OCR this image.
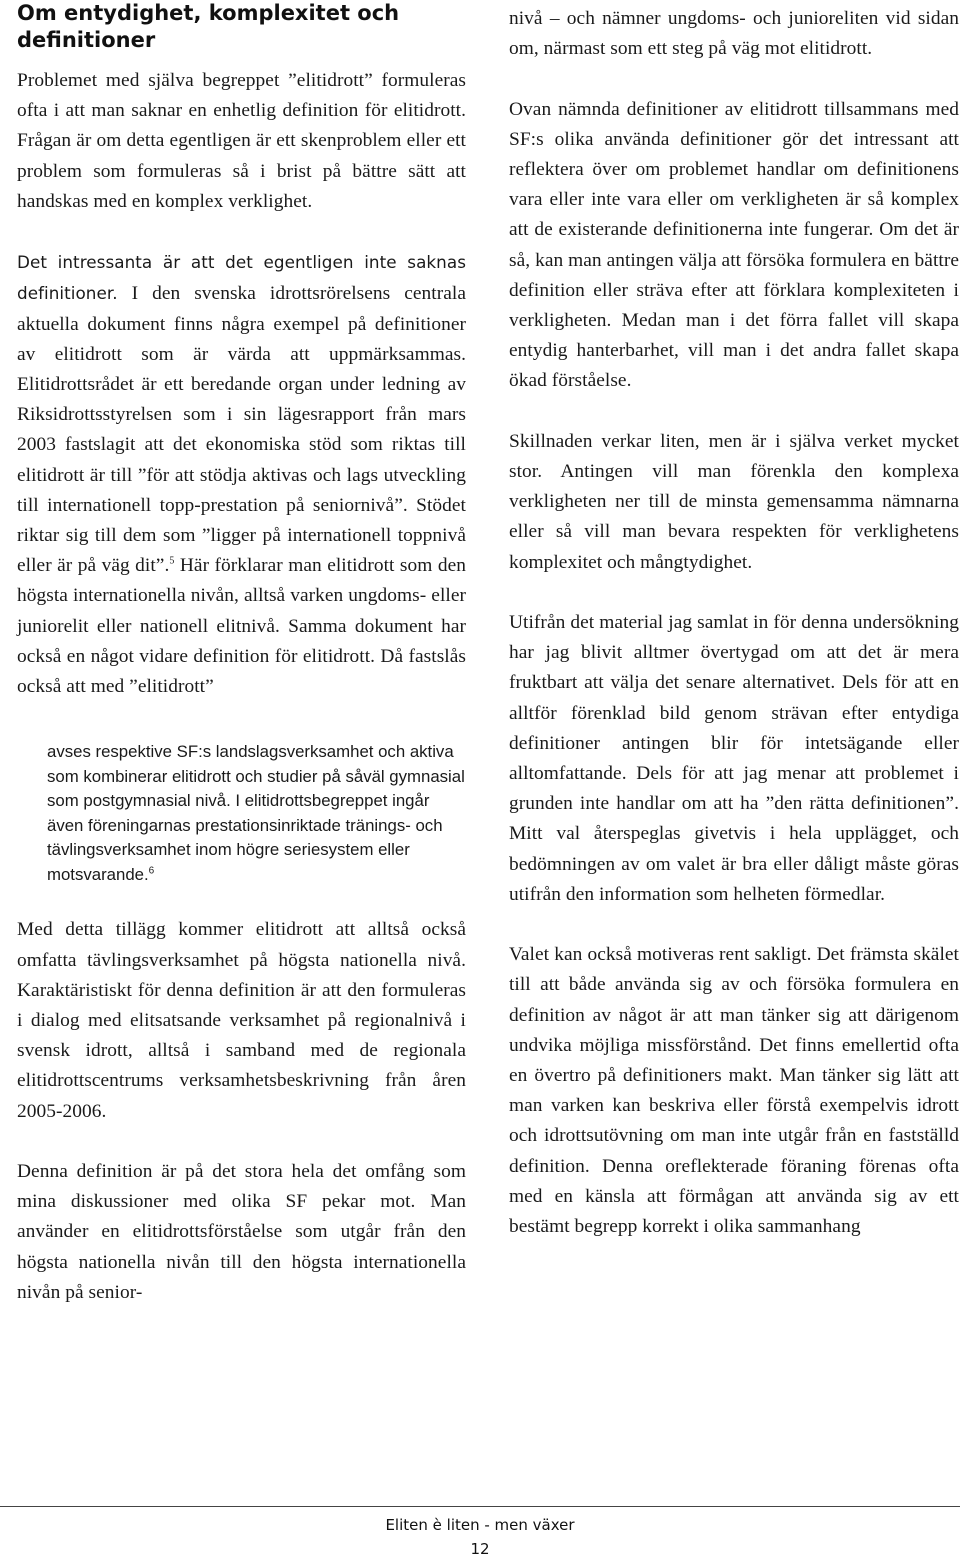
Om entydighet, komplexitet och definitioner

Problemet med själva begreppet ”elitidrott” formuleras ofta i att man saknar en enhetlig definition för elitidrott. Frågan är om detta egentligen är ett skenproblem eller ett problem som formuleras så i brist på bättre sätt att handskas med en komplex verklighet.

Det intressanta är att det egentligen inte saknas definitioner. I den svenska idrottsrörelsens centrala aktuella dokument finns några exempel på definitioner av elitidrott som är värda att uppmärksammas. Elitidrottsrådet är ett beredande organ under ledning av Riksidrottsstyrelsen som i sin lägesrapport från mars 2003 fastslagit att det ekonomiska stöd som riktas till elitidrott är till ”för att stödja aktivas och lags utveckling till internationell topp-prestation på seniornivå”. Stödet riktar sig till dem som ”ligger på internationell toppnivå eller är på väg dit”.$^5$ Här förklarar man elitidrott som den högsta internationella nivån, alltså varken ungdoms- eller juniorelit eller nationell elitnivå. Samma dokument har också en något vidare definition för elitidrott. Då fastslås också att med ”elitidrott”

avses respektive SF:s landslagsverksamhet och aktiva som kombinerar elitidrott och studier på såväl gymnasial som postgymnasial nivå. I elitidrottsbegreppet ingår även föreningarnas prestationsinriktade tränings- och tävlingsverksamhet inom högre seriesystem eller motsvarande.$^6$

Med detta tillägg kommer elitidrott att alltså också omfatta tävlingsverksamhet på högsta nationella nivå. Karaktäristiskt för denna definition är att den formuleras i dialog med elitsatsande verksamhet på regionalnivå i svensk idrott, alltså i samband med de regionala elitidrottscentrums verksamhetsbeskrivning från åren 2005-2006.

Denna definition är på det stora hela det omfång som mina diskussioner med olika SF pekar mot. Man använder en elitidrottsförståelse som utgår från den högsta nationella nivån till den högsta internationella nivån på senior-

nivå – och nämner ungdoms- och junioreliten vid sidan om, närmast som ett steg på väg mot elitidrott.

Ovan nämnda definitioner av elitidrott tillsammans med SF:s olika använda definitioner gör det intressant att reflektera över om problemet handlar om definitionens vara eller inte vara eller om verkligheten är så komplex att de existerande definitionerna inte fungerar. Om det är så, kan man antingen välja att försöka formulera en bättre definition eller sträva efter att förklara komplexiteten i verkligheten. Medan man i det förra fallet vill skapa entydig hanterbarhet, vill man i det andra fallet skapa ökad förståelse.

Skillnaden verkar liten, men är i själva verket mycket stor. Antingen vill man förenkla den komplexa verkligheten ner till de minsta gemensamma nämnarna eller så vill man bevara respekten för verklighetens komplexitet och mångtydighet.

Utifrån det material jag samlat in för denna undersökning har jag blivit alltmer övertygad om att det är mera fruktbart att välja det senare alternativet. Dels för att en alltför förenklad bild genom strävan efter entydiga definitioner antingen blir för intetsägande eller alltomfattande. Dels för att jag menar att problemet i grunden inte handlar om att ha ”den rätta definitionen”. Mitt val återspeglas givetvis i hela upplägget, och bedömningen av om valet är bra eller dåligt måste göras utifrån den information som helheten förmedlar.

Valet kan också motiveras rent sakligt. Det främsta skälet till att både använda sig av och försöka formulera en definition av något är att man tänker sig att därigenom undvika möjliga missförstånd. Det finns emellertid ofta en övertro på definitioners makt. Man tänker sig lätt att man varken kan beskriva eller förstå exempelvis idrott och idrottsutövning om man inte utgår från en fastställd definition. Denna oreflekterade föraning förenas ofta med en känsla att förmågan att använda sig av ett bestämt begrepp korrekt i olika sammanhang

Eliten è liten - men växer
12
